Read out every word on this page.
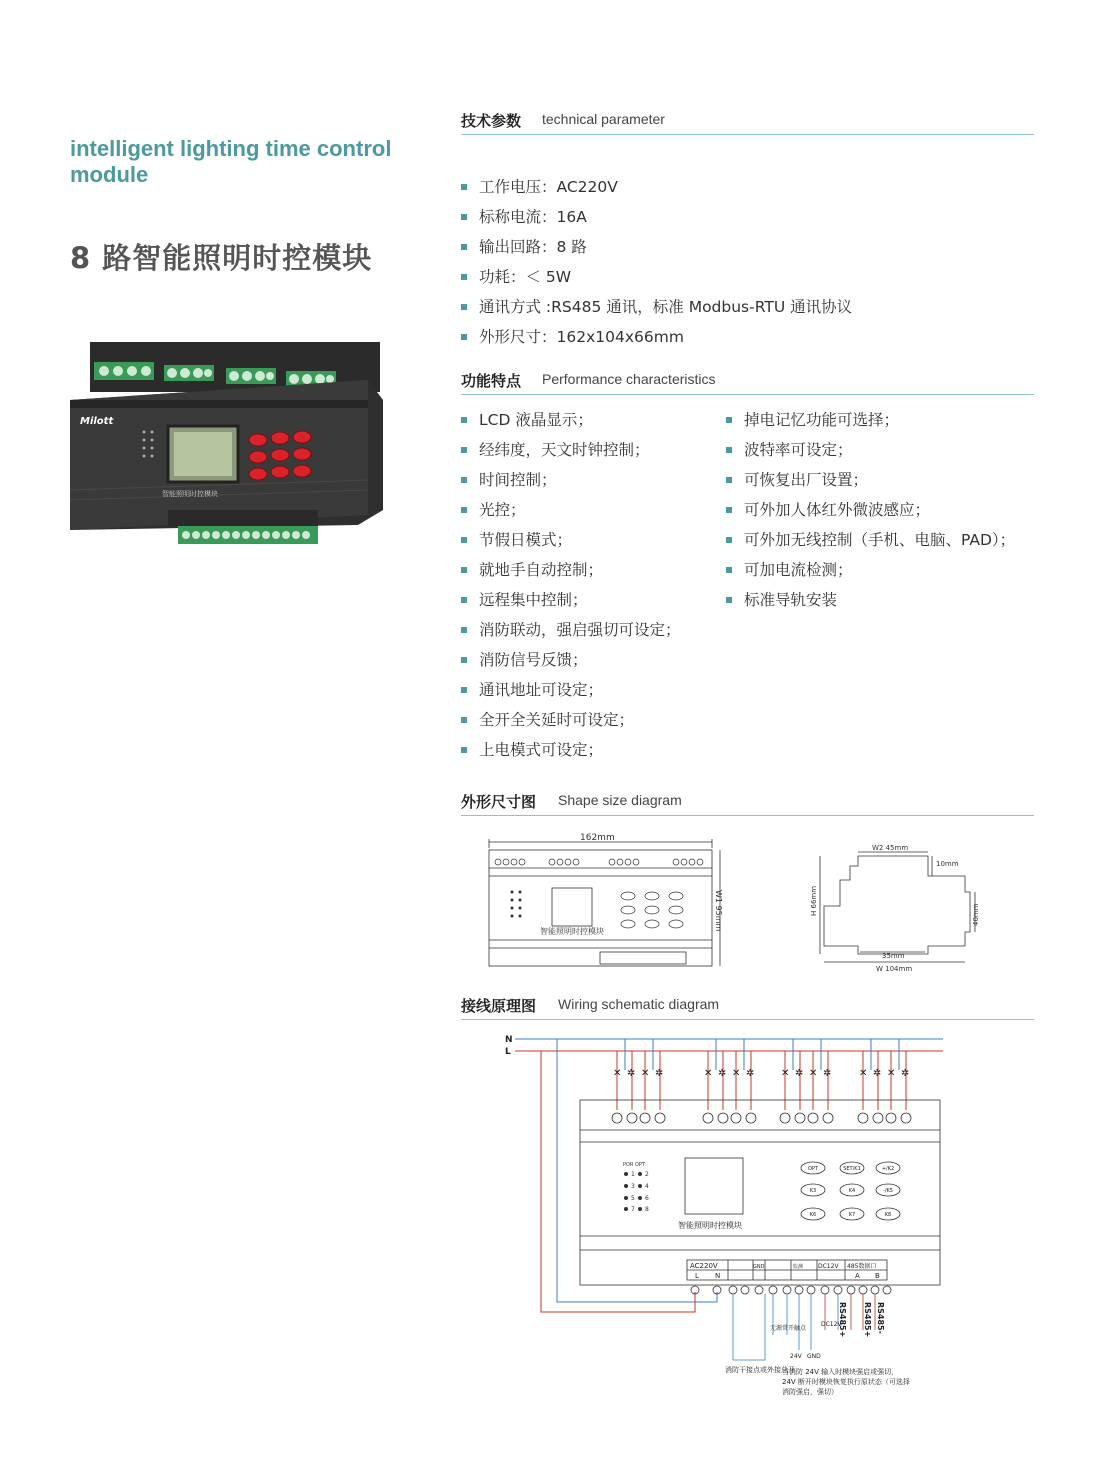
intelligent lighting time control module
8 路智能照明时控模块
Milott
智能照明时控模块
技术参数 technical parameter
工作电压：AC220V
标称电流：16A
输出回路：8 路
功耗：＜ 5W
通讯方式 :RS485 通讯，标准 Modbus-RTU 通讯协议
外形尺寸：162x104x66mm
功能特点 Performance characteristics
LCD 液晶显示；
经纬度，天文时钟控制；
时间控制；
光控；
节假日模式；
就地手自动控制；
远程集中控制；
消防联动，强启强切可设定；
消防信号反馈；
通讯地址可设定；
全开全关延时可设定；
上电模式可设定；
掉电记忆功能可选择；
波特率可设定；
可恢复出厂设置；
可外加人体红外微波感应；
可外加无线控制（手机、电脑、PAD）；
可加电流检测；
标准导轨安装
外形尺寸图 Shape size diagram
162mm
智能照明时控模块
W1 95mm
W2 45mm
10mm
H 66mm	40mm
35mm
W 104mm
接线原理图 Wiring schematic diagram
N
L
✕ ✲ ✕ ✲	✕ ✲ ✕ ✲	✕ ✲ ✕ ✲	✕ ✲ ✕ ✲
POR OPT
1 2
3 4
5 6
7 8
智能照明时控模块
OPT	SET/K1	+/K2
K3	K4	-/K5
K6	K7	K8
AC220V
L N
GND	监测 DC12V 485数据口
A B
无源常开触点
24V GND
DC12V
RS485+ RS485+ RS485-
消防干接点或外接总开
当消防 24V 输入时模块强启或强切，
24V 断开时模块恢复执行原状态（可选择
消防强启，强切）
